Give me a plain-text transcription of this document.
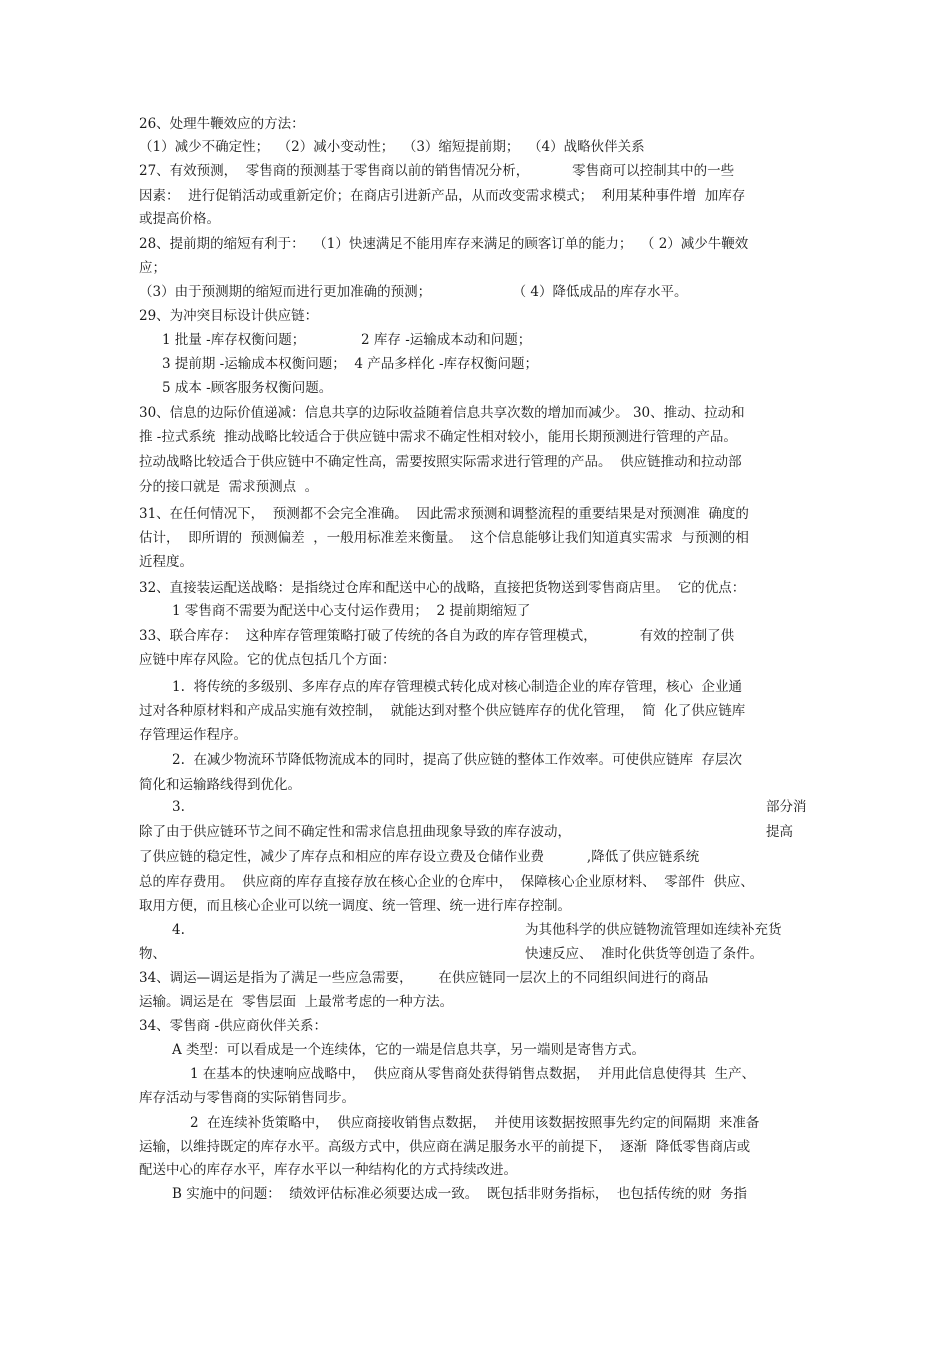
26、处理牛鞭效应的方法：
（1）减少不确定性；  （2）减小变动性；  （3）缩短提前期；  （4）战略伙伴关系
27、有效预测，  零售商的预测基于零售商以前的销售情况分析，          零售商可以控制其中的一些
因素：  进行促销活动或重新定价；在商店引进新产品，从而改变需求模式；  利用某种事件增  加库存
或提高价格。
28、提前期的缩短有利于：  （1）快速满足不能用库存来满足的顾客订单的能力；  （ 2）减少牛鞭效
应；
（3）由于预测期的缩短而进行更加准确的预测；                   （ 4）降低成品的库存水平。
29、为冲突目标设计供应链：
1 批量 -库存权衡问题；             2 库存 -运输成本动和问题；
3 提前期 -运输成本权衡问题；  4 产品多样化 -库存权衡问题；
5 成本 -顾客服务权衡问题。
30、信息的边际价值递减：信息共享的边际收益随着信息共享次数的增加而减少。 30、推动、拉动和
推 -拉式系统  推动战略比较适合于供应链中需求不确定性相对较小，能用长期预测进行管理的产品。
拉动战略比较适合于供应链中不确定性高，需要按照实际需求进行管理的产品。  供应链推动和拉动部
分的接口就是  需求预测点  。
31、在任何情况下，  预测都不会完全准确。  因此需求预测和调整流程的重要结果是对预测准  确度的
估计，  即所谓的  预测偏差  ，一般用标准差来衡量。  这个信息能够让我们知道真实需求  与预测的相
近程度。
32、直接装运配送战略：是指绕过仓库和配送中心的战略，直接把货物送到零售商店里。  它的优点：
1 零售商不需要为配送中心支付运作费用；  2 提前期缩短了
33、联合库存：  这种库存管理策略打破了传统的各自为政的库存管理模式，          有效的控制了供
应链中库存风险。它的优点包括几个方面：
1.  将传统的多级别、多库存点的库存管理模式转化成对核心制造企业的库存管理，核心  企业通
过对各种原材料和产成品实施有效控制，  就能达到对整个供应链库存的优化管理，  简  化了供应链库
存管理运作程序。
2.  在减少物流环节降低物流成本的同时，提高了供应链的整体工作效率。可使供应链库  存层次
简化和运输路线得到优化。
3.	部分消
除了由于供应链环节之间不确定性和需求信息扭曲现象导致的库存波动，	提高
了供应链的稳定性，减少了库存点和相应的库存设立费及仓储作业费          ,降低了供应链系统
总的库存费用。  供应商的库存直接存放在核心企业的仓库中，  保障核心企业原材料、  零部件  供应、
取用方便，而且核心企业可以统一调度、统一管理、统一进行库存控制。
4.	为其他科学的供应链物流管理如连续补充货
物、	快速反应、  准时化供货等创造了条件。
34、调运—调运是指为了满足一些应急需要，      在供应链同一层次上的不同组织间进行的商品
运输。调运是在  零售层面  上最常考虑的一种方法。
34、零售商 -供应商伙伴关系：
A 类型：可以看成是一个连续体，它的一端是信息共享，另一端则是寄售方式。
1 在基本的快速响应战略中，  供应商从零售商处获得销售点数据，  并用此信息使得其  生产、
库存活动与零售商的实际销售同步。
2  在连续补货策略中，  供应商接收销售点数据，  并使用该数据按照事先约定的间隔期  来准备
运输，以维持既定的库存水平。高级方式中，供应商在满足服务水平的前提下，  逐渐  降低零售商店或
配送中心的库存水平，库存水平以一种结构化的方式持续改进。
B 实施中的问题：  绩效评估标准必须要达成一致。  既包括非财务指标，  也包括传统的财  务指
